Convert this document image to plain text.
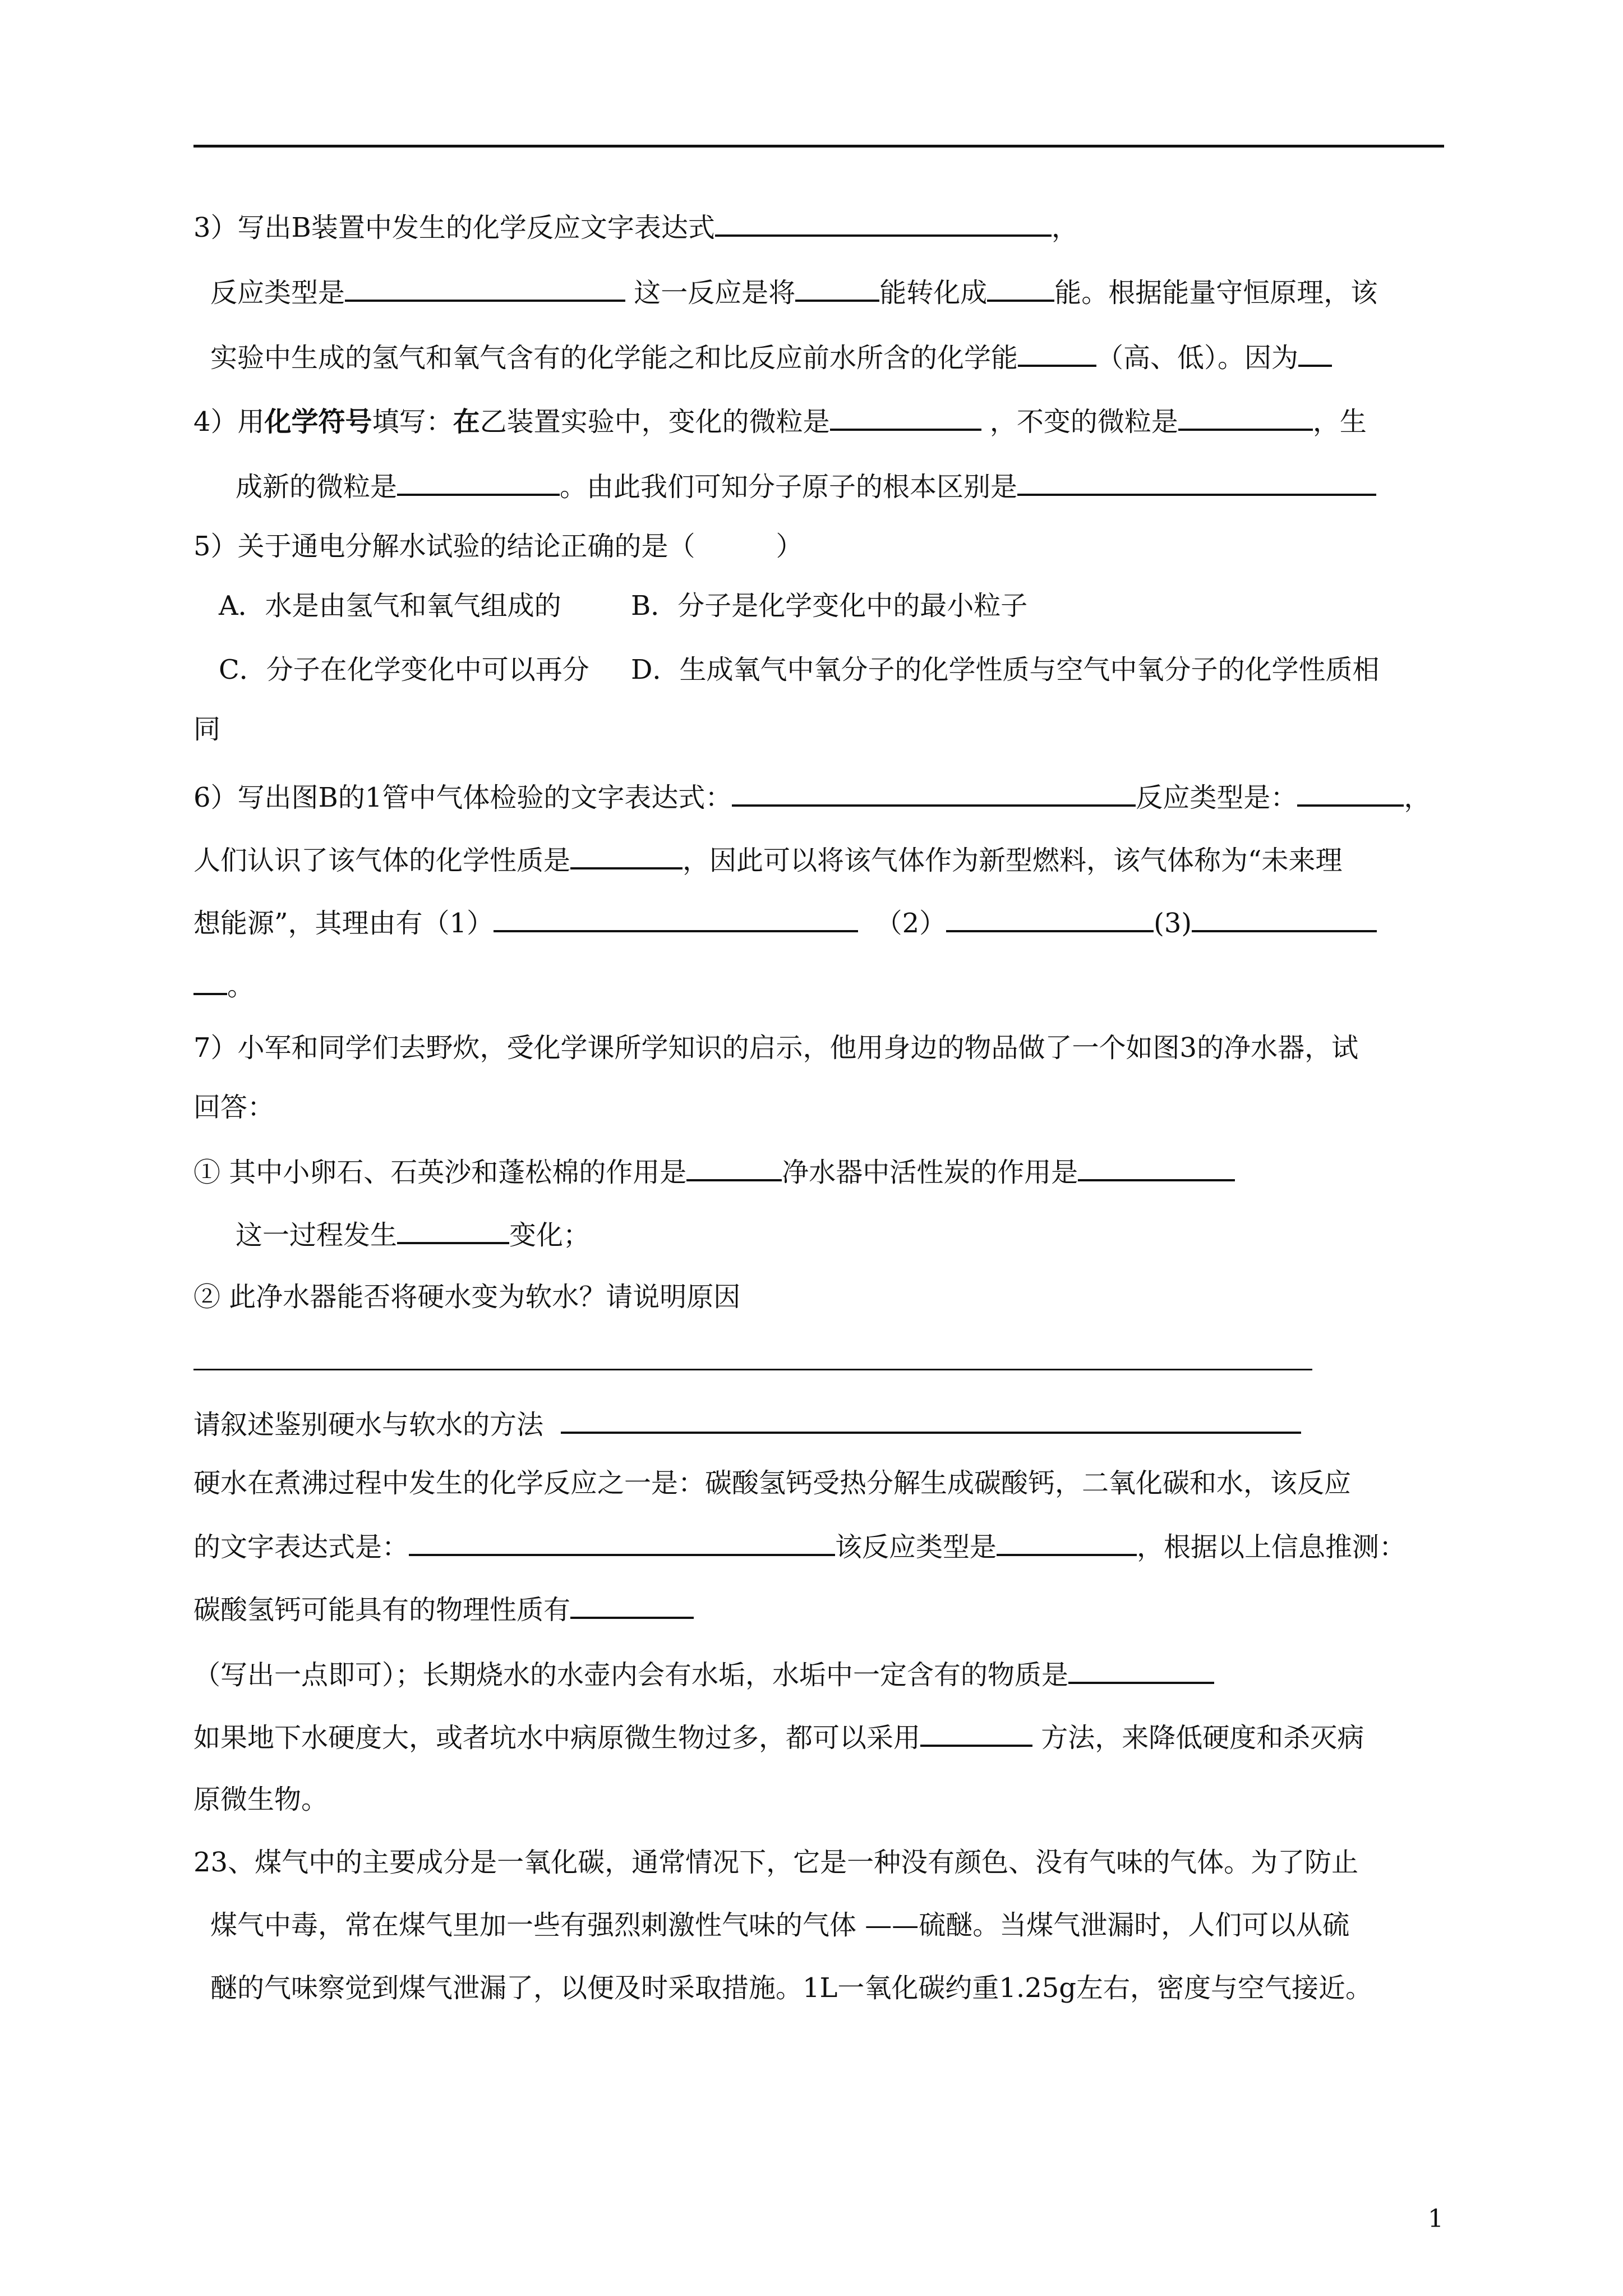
3）写出B装置中发生的化学反应文字表达式	，
反应类型是	这一反应是将	能转化成	能。根据能量守恒原理，该
实验中生成的氢气和氧气含有的化学能之和比反应前水所含的化学能	（高、低）。因为
4）用化学符号填写：在乙装置实验中，变化的微粒是	，不变的微粒是	，生
成新的微粒是	。由此我们可知分子原子的根本区别是
5）关于通电分解水试验的结论正确的是（　　　）
A．水是由氢气和氧气组成的	B．分子是化学变化中的最小粒子
C．分子在化学变化中可以再分 D．生成氧气中氧分子的化学性质与空气中氧分子的化学性质相
同
6）写出图B的1管中气体检验的文字表达式：	反应类型是：	，
人们认识了该气体的化学性质是	，因此可以将该气体作为新型燃料，该气体称为“未来理
想能源”，其理由有（1）	（2）	(3)
。
7）小军和同学们去野炊，受化学课所学知识的启示，他用身边的物品做了一个如图3的净水器，试
回答：
① 其中小卵石、石英沙和蓬松棉的作用是	净水器中活性炭的作用是
这一过程发生	变化；
② 此净水器能否将硬水变为软水？请说明原因
请叙述鉴别硬水与软水的方法
硬水在煮沸过程中发生的化学反应之一是：碳酸氢钙受热分解生成碳酸钙，二氧化碳和水，该反应
的文字表达式是：	该反应类型是	，根据以上信息推测：
碳酸氢钙可能具有的物理性质有
（写出一点即可）；长期烧水的水壶内会有水垢，水垢中一定含有的物质是
如果地下水硬度大，或者坑水中病原微生物过多，都可以采用	方法，来降低硬度和杀灭病
原微生物。
23、煤气中的主要成分是一氧化碳，通常情况下，它是一种没有颜色、没有气味的气体。为了防止
煤气中毒，常在煤气里加一些有强烈刺激性气味的气体 ——硫醚。当煤气泄漏时，人们可以从硫
醚的气味察觉到煤气泄漏了，以便及时采取措施。1L一氧化碳约重1.25g左右，密度与空气接近。
1
